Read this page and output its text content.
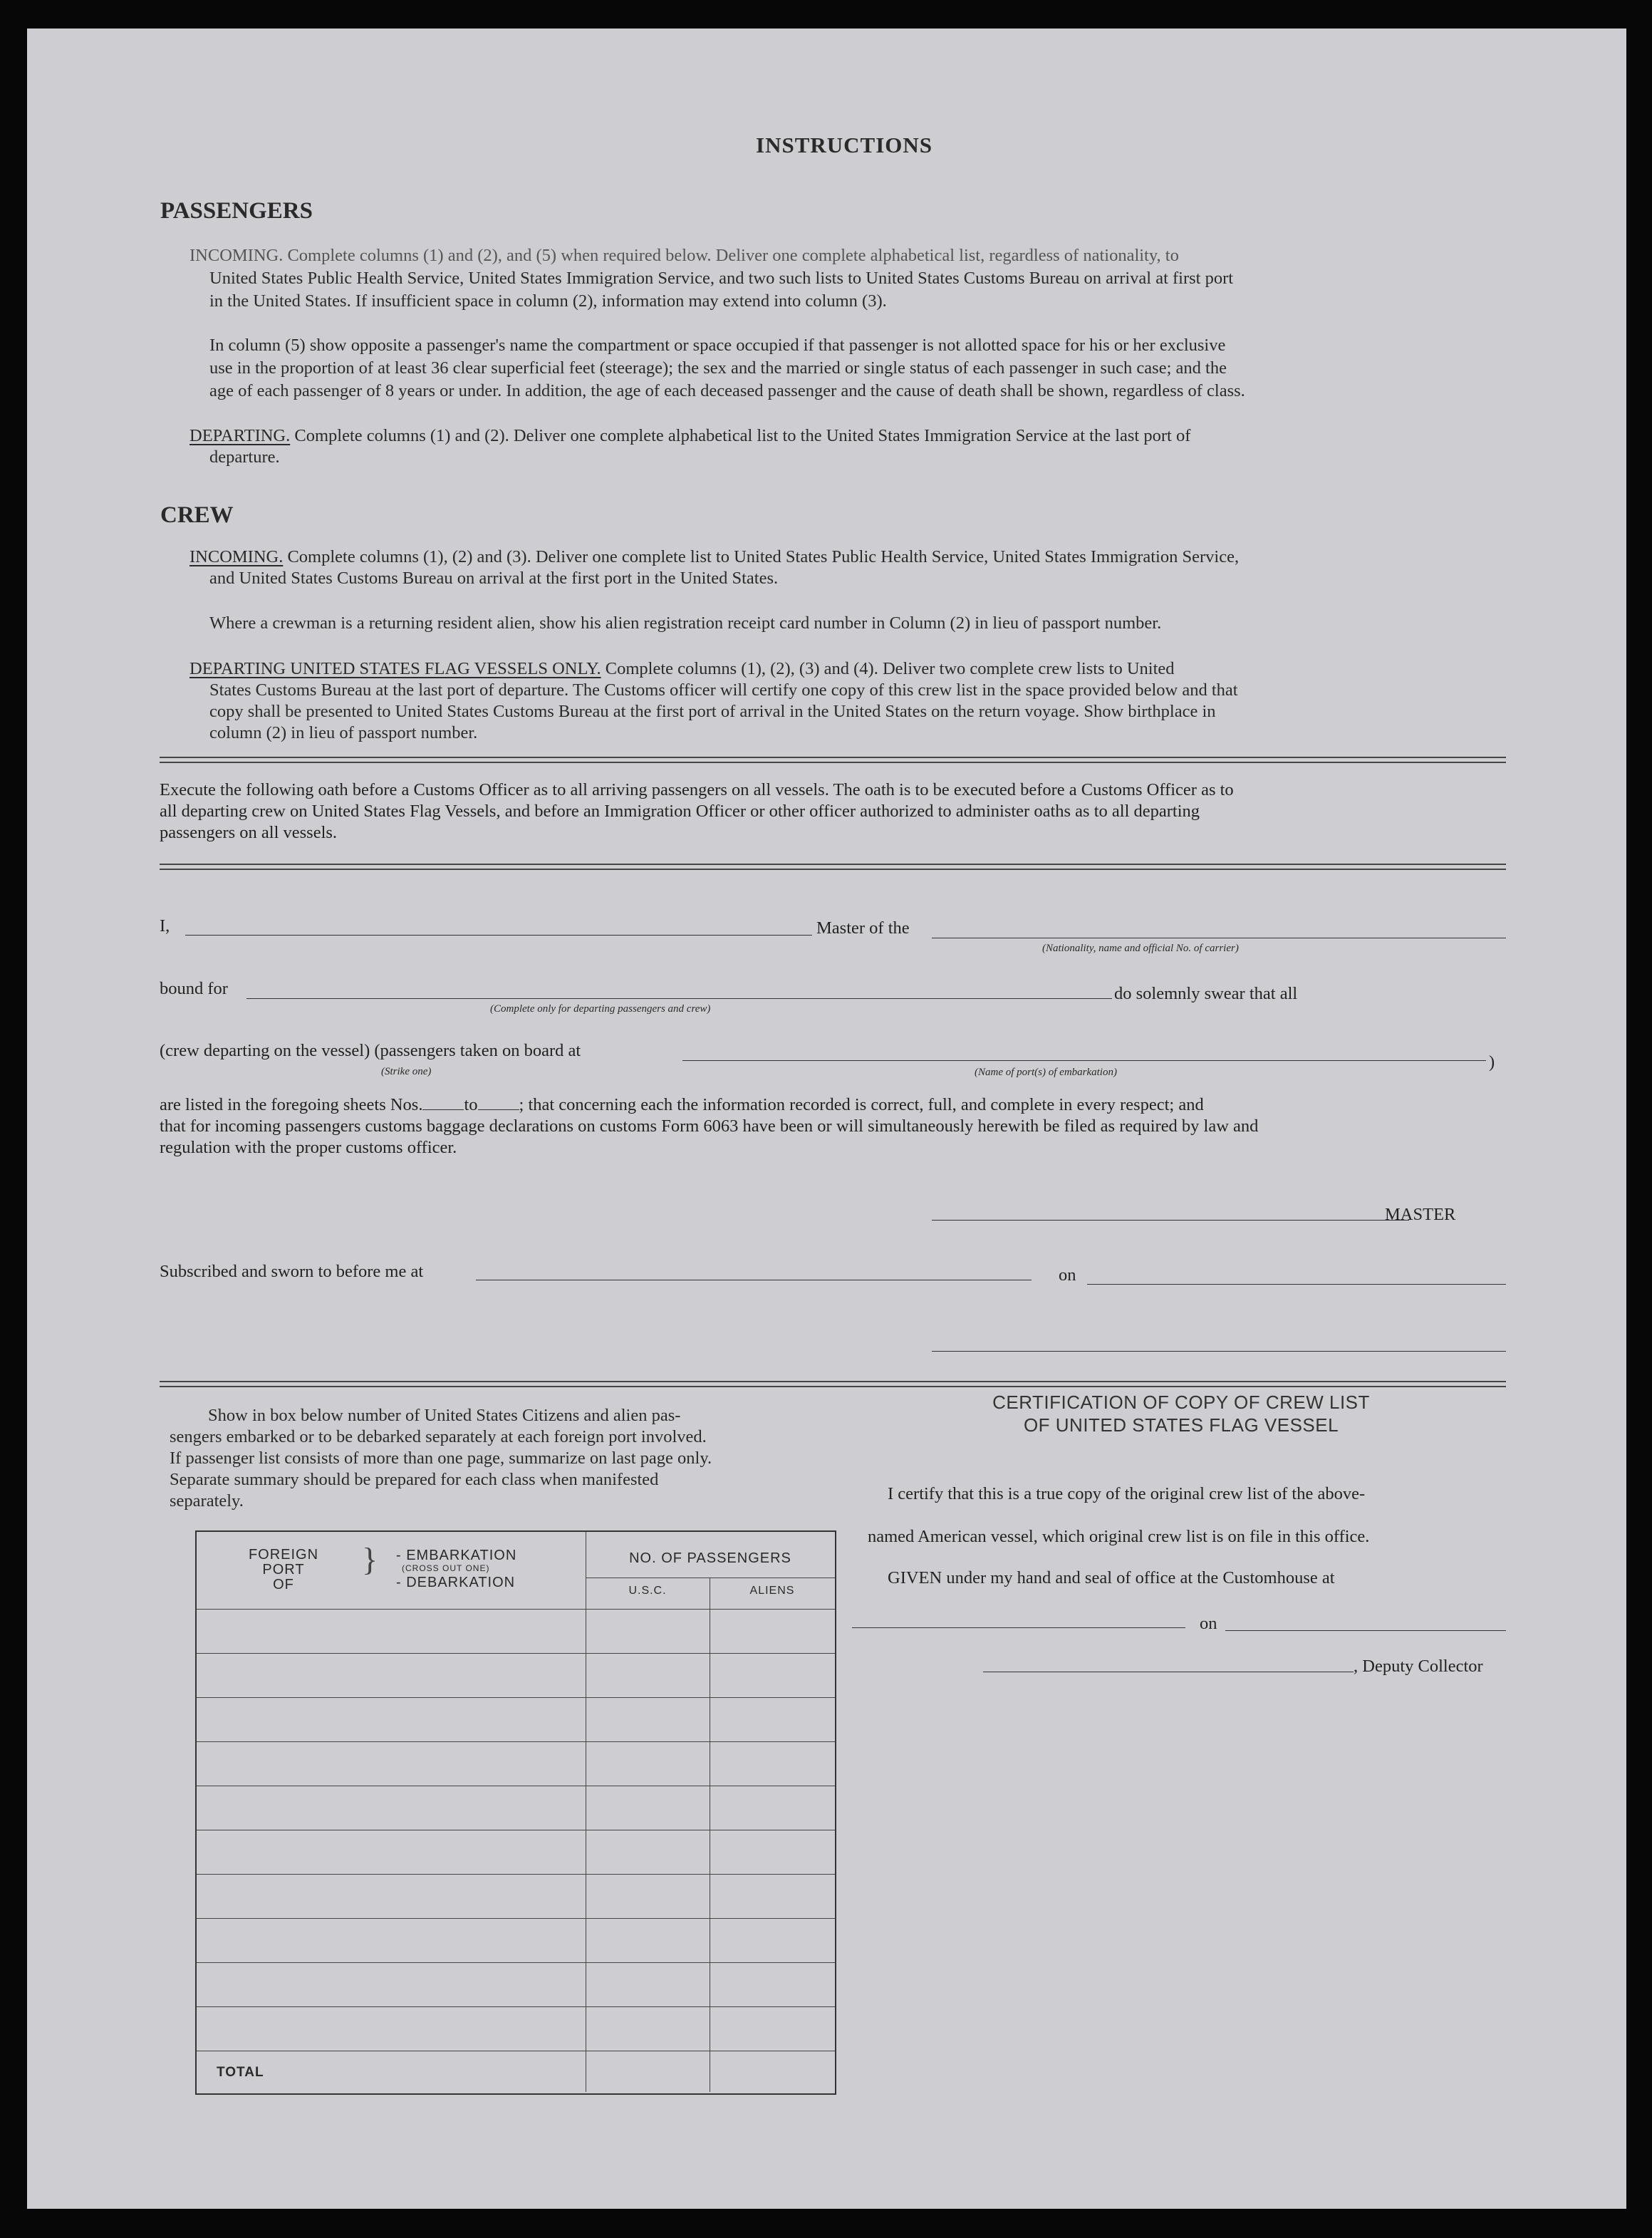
INSTRUCTIONS
PASSENGERS
INCOMING. Complete columns (1) and (2), and (5) when required below. Deliver one complete alphabetical list, regardless of nationality, to
United States Public Health Service, United States Immigration Service, and two such lists to United States Customs Bureau on arrival at first port
in the United States. If insufficient space in column (2), information may extend into column (3).
In column (5) show opposite a passenger's name the compartment or space occupied if that passenger is not allotted space for his or her exclusive
use in the proportion of at least 36 clear superficial feet (steerage); the sex and the married or single status of each passenger in such case; and the
age of each passenger of 8 years or under. In addition, the age of each deceased passenger and the cause of death shall be shown, regardless of class.
DEPARTING. Complete columns (1) and (2). Deliver one complete alphabetical list to the United States Immigration Service at the last port of
departure.
CREW
INCOMING. Complete columns (1), (2) and (3). Deliver one complete list to United States Public Health Service, United States Immigration Service,
and United States Customs Bureau on arrival at the first port in the United States.
Where a crewman is a returning resident alien, show his alien registration receipt card number in Column (2) in lieu of passport number.
DEPARTING UNITED STATES FLAG VESSELS ONLY. Complete columns (1), (2), (3) and (4). Deliver two complete crew lists to United
States Customs Bureau at the last port of departure. The Customs officer will certify one copy of this crew list in the space provided below and that
copy shall be presented to United States Customs Bureau at the first port of arrival in the United States on the return voyage. Show birthplace in
column (2) in lieu of passport number.
Execute the following oath before a Customs Officer as to all arriving passengers on all vessels. The oath is to be executed before a Customs Officer as to
all departing crew on United States Flag Vessels, and before an Immigration Officer or other officer authorized to administer oaths as to all departing
passengers on all vessels.
I,	Master of the
(Nationality, name and official No. of carrier)
bound for
(Complete only for departing passengers and crew)
do solemnly swear that all
(crew departing on the vessel) (passengers taken on board at
)
(Strike one)	(Name of port(s) of embarkation)
are listed in the foregoing sheets Nos. to ; that concerning each the information recorded is correct, full, and complete in every respect; and
that for incoming passengers customs baggage declarations on customs Form 6063 have been or will simultaneously herewith be filed as required by law and
regulation with the proper customs officer.
MASTER
Subscribed and sworn to before me at	on
Show in box below number of United States Citizens and alien pas-
sengers embarked or to be debarked separately at each foreign port involved.
If passenger list consists of more than one page, summarize on last page only.
Separate summary should be prepared for each class when manifested
separately.
FOREIGN
PORT
OF
} - EMBARKATION
(CROSS OUT ONE)
- DEBARKATION
NO. OF PASSENGERS
U.S.C.	ALIENS
TOTAL
CERTIFICATION OF COPY OF CREW LIST
OF UNITED STATES FLAG VESSEL
I certify that this is a true copy of the original crew list of the above-
named American vessel, which original crew list is on file in this office.
GIVEN under my hand and seal of office at the Customhouse at
on
, Deputy Collector
